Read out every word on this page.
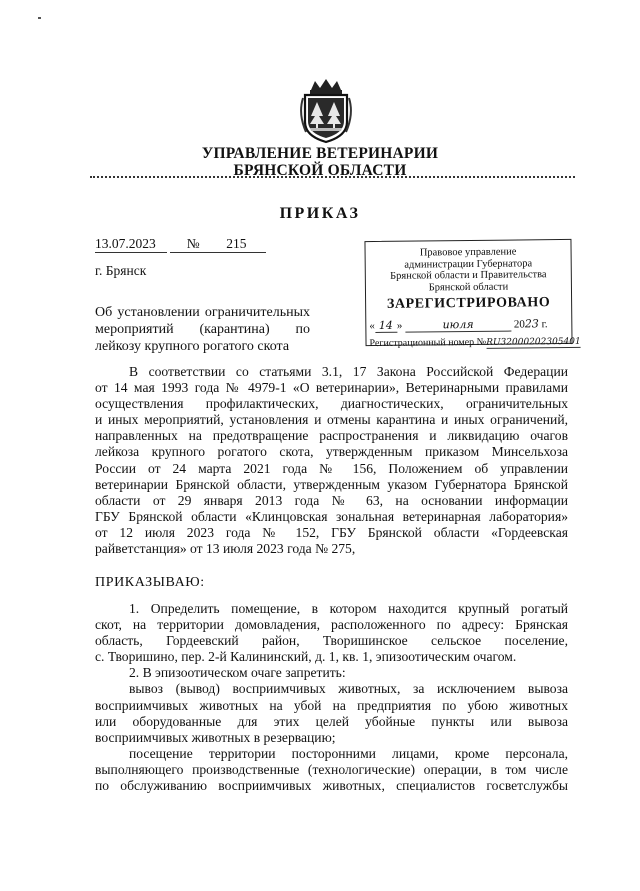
УПРАВЛЕНИЕ ВЕТЕРИНАРИИ
БРЯНСКОЙ ОБЛАСТИ
ПРИКАЗ
13.07.2023 № 215
г. Брянск
Об установлении ограничительных
мероприятий (карантина) по
лейкозу крупного рогатого скота
Правовое управление
администрации Губернатора
Брянской области и Правительства
Брянской области
ЗАРЕГИСТРИРОВАНО
« 14 »	июля	2023 г.
Регистрационный номер №RU32000202305401
В соответствии со статьями 3.1, 17 Закона Российской Федерации
от 14 мая 1993 года № 4979-1 «О ветеринарии», Ветеринарными правилами
осуществления профилактических, диагностических, ограничительных
и иных мероприятий, установления и отмены карантина и иных ограничений,
направленных на предотвращение распространения и ликвидацию очагов
лейкоза крупного рогатого скота, утвержденным приказом Минсельхоза
России от 24 марта 2021 года № 156, Положением об управлении
ветеринарии Брянской области, утвержденным указом Губернатора Брянской
области от 29 января 2013 года № 63, на основании информации
ГБУ Брянской области «Клинцовская зональная ветеринарная лаборатория»
от 12 июля 2023 года № 152, ГБУ Брянской области «Гордеевская
райветстанция» от 13 июля 2023 года № 275,
ПРИКАЗЫВАЮ:
1. Определить помещение, в котором находится крупный рогатый
скот, на территории домовладения, расположенного по адресу: Брянская
область, Гордеевский район, Творишинское сельское поселение,
с. Творишино, пер. 2-й Калининский, д. 1, кв. 1, эпизоотическим очагом.
2. В эпизоотическом очаге запретить:
вывоз (вывод) восприимчивых животных, за исключением вывоза
восприимчивых животных на убой на предприятия по убою животных
или оборудованные для этих целей убойные пункты или вывоза
восприимчивых животных в резервацию;
посещение территории посторонними лицами, кроме персонала,
выполняющего производственные (технологические) операции, в том числе
по обслуживанию восприимчивых животных, специалистов госветслужбы
